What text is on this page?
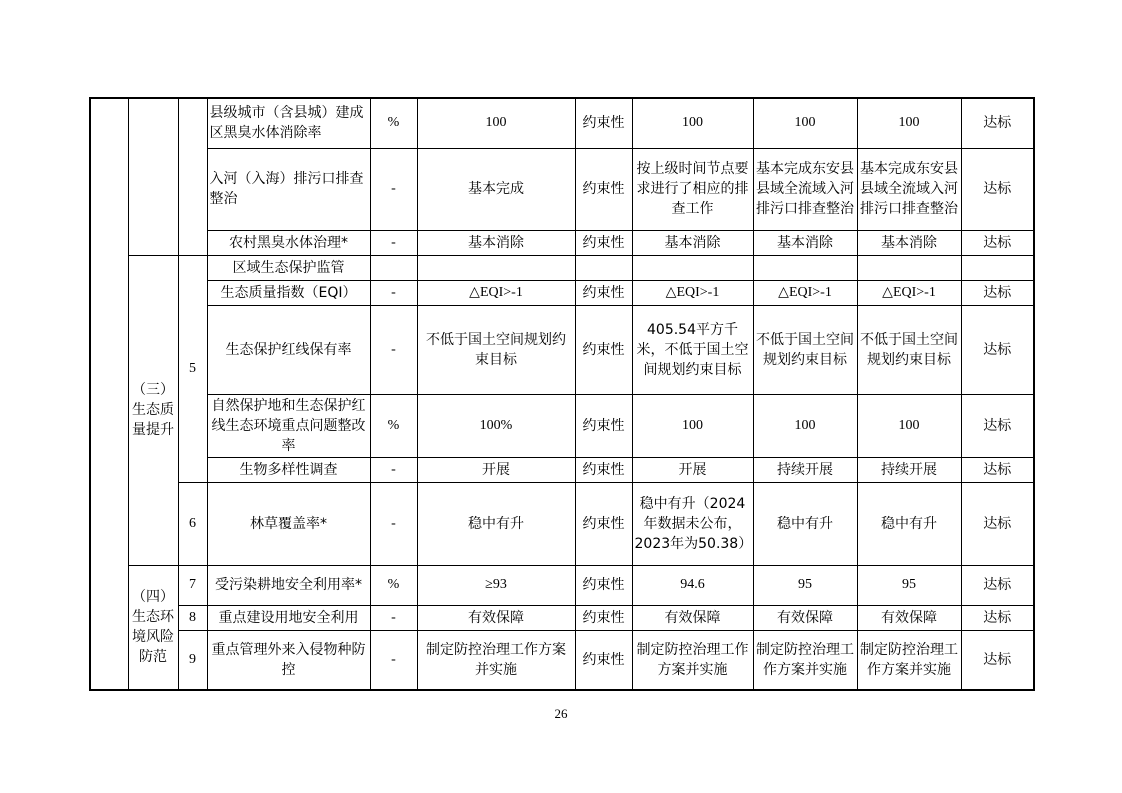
			县级城市（含县城）建成区黑臭水体消除率	%	100	约束性	100	100	100	达标
			入河（入海）排污口排查整治	-	基本完成	约束性	按上级时间节点要求进行了相应的排查工作	基本完成东安县县域全流域入河排污口排查整治	基本完成东安县县域全流域入河排污口排查整治	达标
			农村黑臭水体治理*	-	基本消除	约束性	基本消除	基本消除	基本消除	达标
	（三）生态质量提升	5	区域生态保护监管							
			生态质量指数（EQI）	-	△EQI>-1	约束性	△EQI>-1	△EQI>-1	△EQI>-1	达标
			生态保护红线保有率	-	不低于国土空间规划约束目标	约束性	405.54平方千米，不低于国土空间规划约束目标	不低于国土空间规划约束目标	不低于国土空间规划约束目标	达标
			自然保护地和生态保护红线生态环境重点问题整改率	%	100%	约束性	100	100	100	达标
			生物多样性调查	-	开展	约束性	开展	持续开展	持续开展	达标
		6	林草覆盖率*	-	稳中有升	约束性	稳中有升（2024年数据未公布，2023年为50.38）	稳中有升	稳中有升	达标
	（四）生态环境风险防范	7	受污染耕地安全利用率*	%	≥93	约束性	94.6	95	95	达标
		8	重点建设用地安全利用	-	有效保障	约束性	有效保障	有效保障	有效保障	达标
		9	重点管理外来入侵物种防控	-	制定防控治理工作方案并实施	约束性	制定防控治理工作方案并实施	制定防控治理工作方案并实施	制定防控治理工作方案并实施	达标
26
